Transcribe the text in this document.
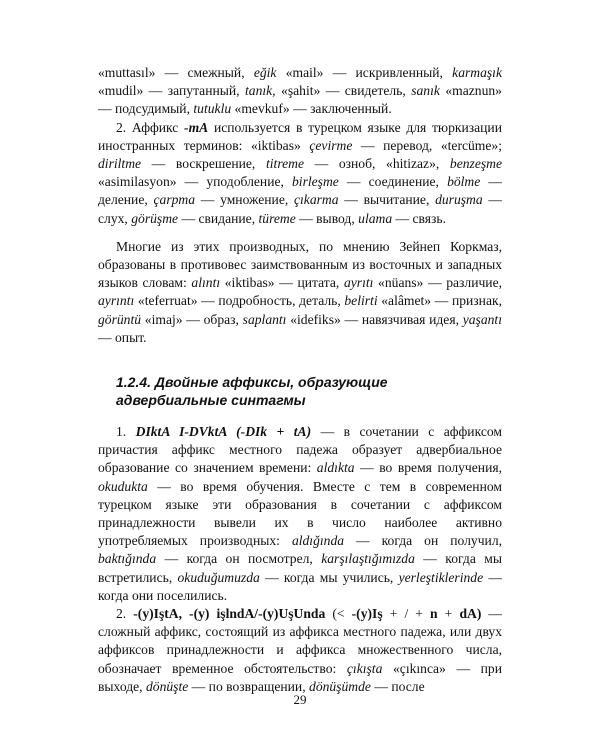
«muttasıl» — смежный, eğik «mail» — искривленный, karmaşık «mudil» — запутанный, tanık, «şahit» — свидетель, sanık «maznun» — подсудимый, tutuklu «mevkuf» — заключенный.

2. Аффикс -mA используется в турецком языке для тюркизации иностранных терминов: «iktibas» çevirme — перевод, «tercüme»; diriltme — воскрешение, titreme — озноб, «hitizaz», benzeşme «asimilasyon» — уподобление, birleşme — соединение, bölme — деление, çarpma — умножение, çıkarma — вычитание, duruşma — слух, görüşme — свидание, türeme — вывод, ulama — связь.

Многие из этих производных, по мнению Зейнеп Коркмаз, образованы в противовес заимствованным из восточных и западных языков словам: alıntı «iktibas» — цитата, ayrıtı «nüans» — различие, ayrıntı «teferruat» — подробность, деталь, belirti «alâmet» — признак, görüntü «imaj» — образ, saplantı «idefiks» — навязчивая идея, yaşantı — опыт.

1.2.4. Двойные аффиксы, образующие адвербиальные синтагмы

1. DIktA I-DVktA (-DIk + tA) — в сочетании с аффиксом причастия аффикс местного падежа образует адвербиальное образование со значением времени: aldıktа — во время получения, okuduktа — во время обучения. Вместе с тем в современном турецком языке эти образования в сочетании с аффиксом принадлежности вывели их в число наиболее активно употребляемых производных: aldığında — когда он получил, baktığında — когда он посмотрел, karşılaştığımızda — когда мы встретились, okuduğumuzda — когда мы учились, yerleştiklerinde — когда они поселились.

2. -(y)IştA, -(y) işlndA/-(y)UşUnda (< -(y)Iş + / + n + dA) — сложный аффикс, состоящий из аффикса местного падежа, или двух аффиксов принадлежности и аффикса множественного числа, обозначает временное обстоятельство: çıkışta «çıkınca» — при выходе, dönüşte — по возвращении, dönüşümde — после

29
